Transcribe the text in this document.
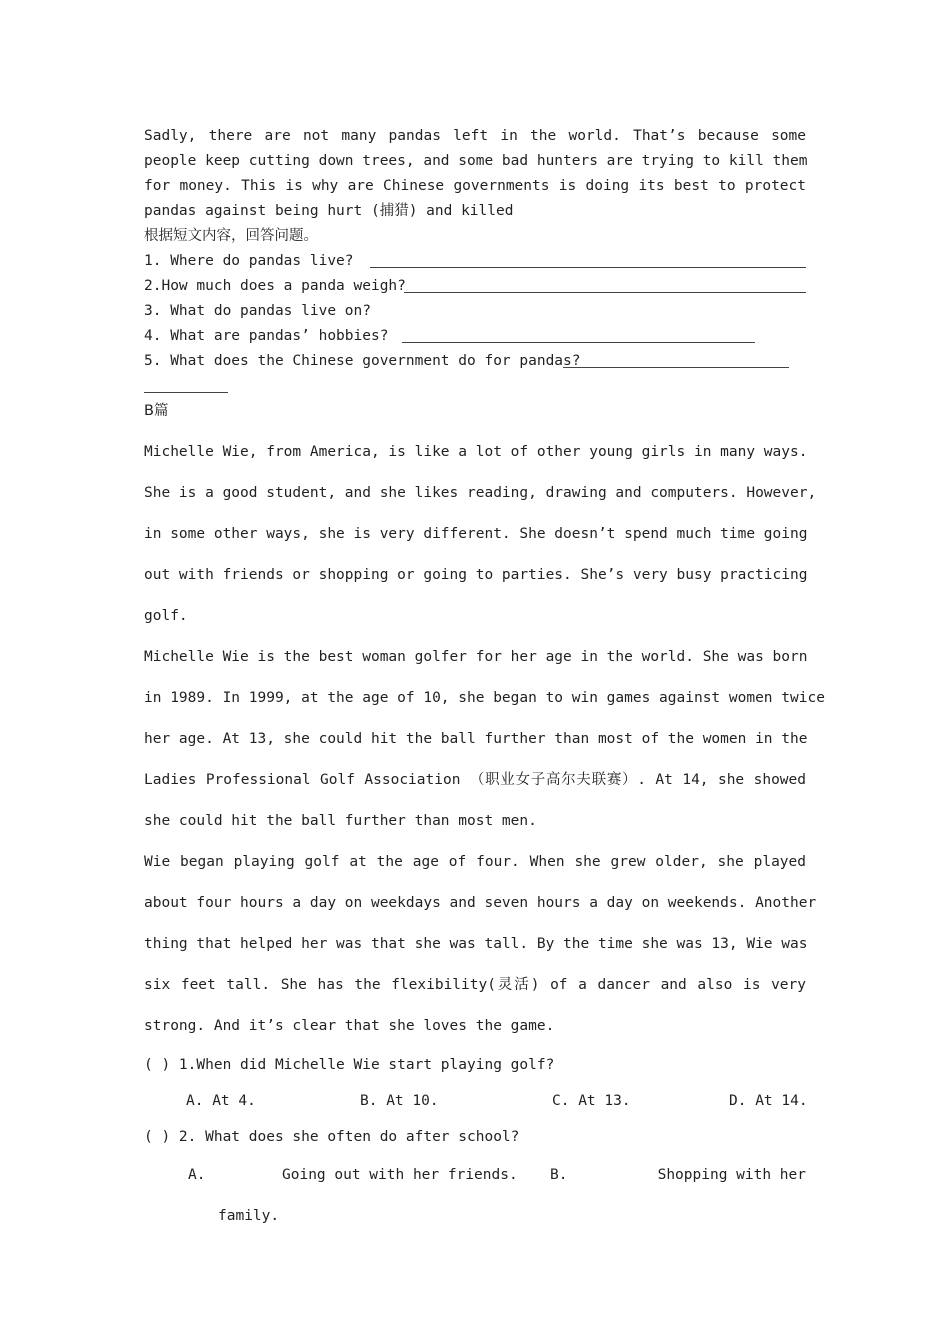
Sadly, there are not many pandas left in the world. That’s because some
people keep cutting down trees, and some bad hunters are trying to kill them
for money. This is why are Chinese governments is doing its best to protect
pandas against being hurt (捕猎) and killed
根据短文内容，回答问题。
1. Where do pandas live?
2.How much does a panda weigh?
3. What do pandas live on?
4. What are pandas’ hobbies?
5. What does the Chinese government do for pandas?
B篇
Michelle Wie, from America, is like a lot of other young girls in many ways.
She is a good student, and she likes reading, drawing and computers. However,
in some other ways, she is very different. She doesn’t spend much time going
out with friends or shopping or going to parties. She’s very busy practicing
golf.
Michelle Wie is the best woman golfer for her age in the world. She was born
in 1989. In 1999, at the age of 10, she began to win games against women twice
her age. At 13, she could hit the ball further than most of the women in the
Ladies Professional Golf Association （职业女子高尔夫联赛）. At 14, she showed
she could hit the ball further than most men.
Wie began playing golf at the age of four. When she grew older, she played
about four hours a day on weekdays and seven hours a day on weekends. Another
thing that helped her was that she was tall. By the time she was 13, Wie was
six feet tall. She has the flexibility(灵活) of a dancer and also is very
strong. And it’s clear that she loves the game.
( ) 1.When did Michelle Wie start playing golf?
A. At 4.	B. At 10.	C. At 13.	D. At 14.
( ) 2. What does she often do after school?
A.	Going out with her friends. B.	Shopping with her
family.
